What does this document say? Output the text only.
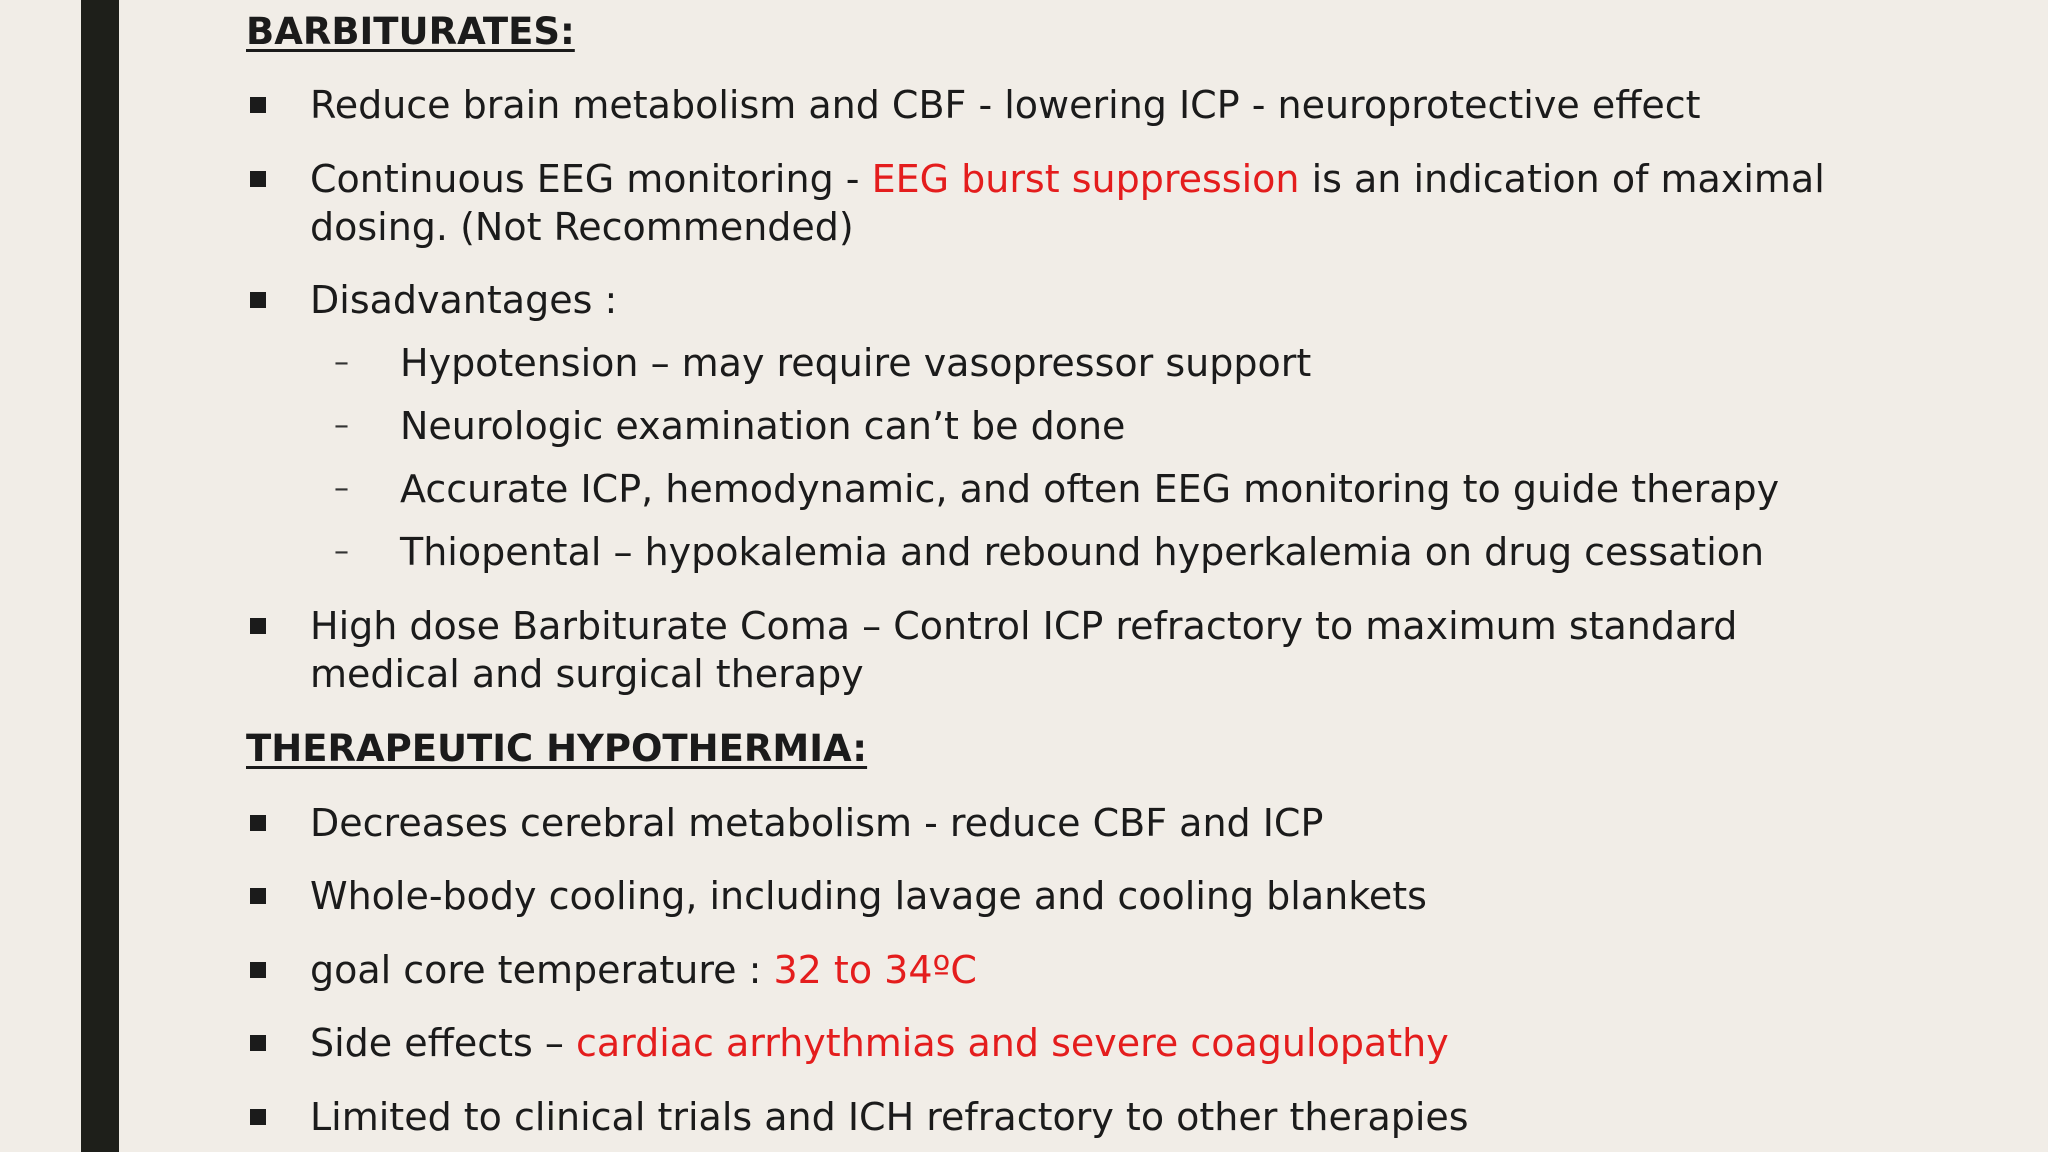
BARBITURATES:
Reduce brain metabolism and CBF - lowering ICP - neuroprotective effect
Continuous EEG monitoring - EEG burst suppression is an indication of maximal
dosing. (Not Recommended)
Disadvantages :
– Hypotension – may require vasopressor support
– Neurologic examination can’t be done
– Accurate ICP, hemodynamic, and often EEG monitoring to guide therapy
– Thiopental – hypokalemia and rebound hyperkalemia on drug cessation
High dose Barbiturate Coma – Control ICP refractory to maximum standard
medical and surgical therapy
THERAPEUTIC HYPOTHERMIA:
Decreases cerebral metabolism - reduce CBF and ICP
Whole-body cooling, including lavage and cooling blankets
goal core temperature : 32 to 34ºC
Side effects – cardiac arrhythmias and severe coagulopathy
Limited to clinical trials and ICH refractory to other therapies
